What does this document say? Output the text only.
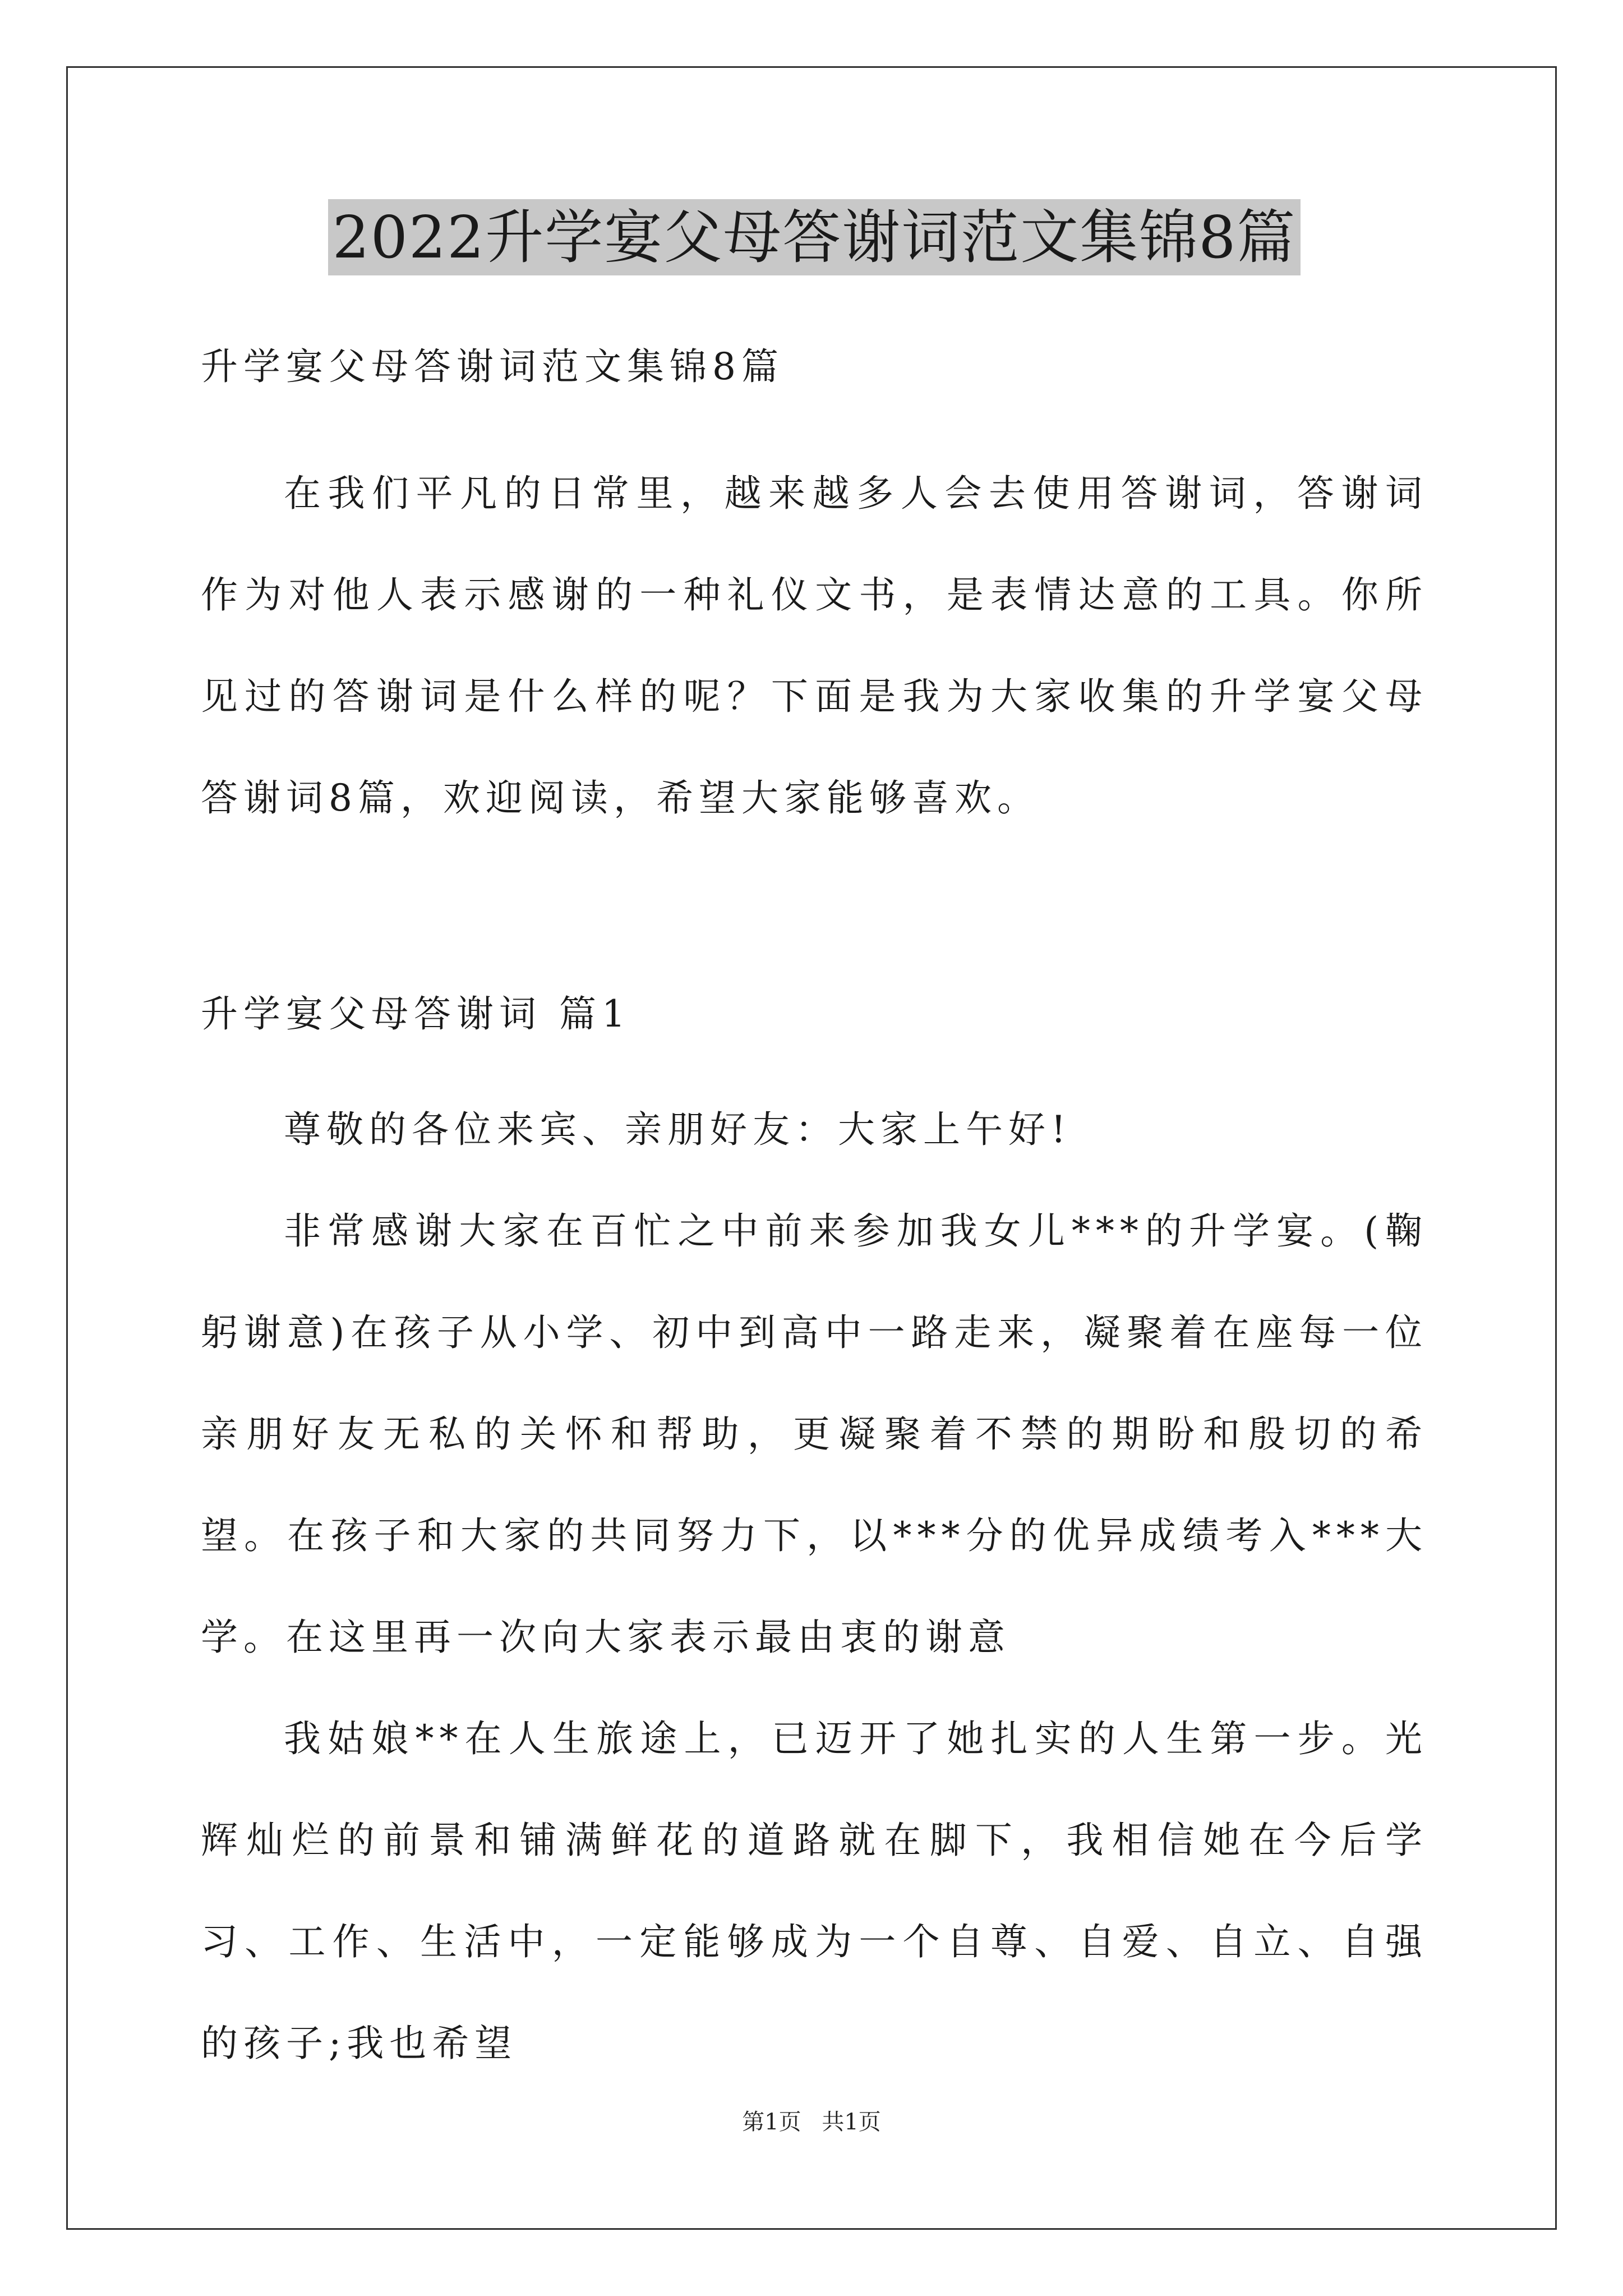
2022升学宴父母答谢词范文集锦8篇
升学宴父母答谢词范文集锦8篇

在我们平凡的日常里，越来越多人会去使用答谢词，答谢词作为对他人表示感谢的一种礼仪文书，是表情达意的工具。你所见过的答谢词是什么样的呢？下面是我为大家收集的升学宴父母答谢词8篇，欢迎阅读，希望大家能够喜欢。

升学宴父母答谢词 篇1

尊敬的各位来宾、亲朋好友：大家上午好!

非常感谢大家在百忙之中前来参加我女儿***的升学宴。(鞠躬谢意)在孩子从小学、初中到高中一路走来，凝聚着在座每一位亲朋好友无私的关怀和帮助，更凝聚着不禁的期盼和殷切的希望。在孩子和大家的共同努力下，以***分的优异成绩考入***大学。在这里再一次向大家表示最由衷的谢意

我姑娘**在人生旅途上，已迈开了她扎实的人生第一步。光辉灿烂的前景和铺满鲜花的道路就在脚下，我相信她在今后学习、工作、生活中，一定能够成为一个自尊、自爱、自立、自强的孩子;我也希望

第1页 共1页
